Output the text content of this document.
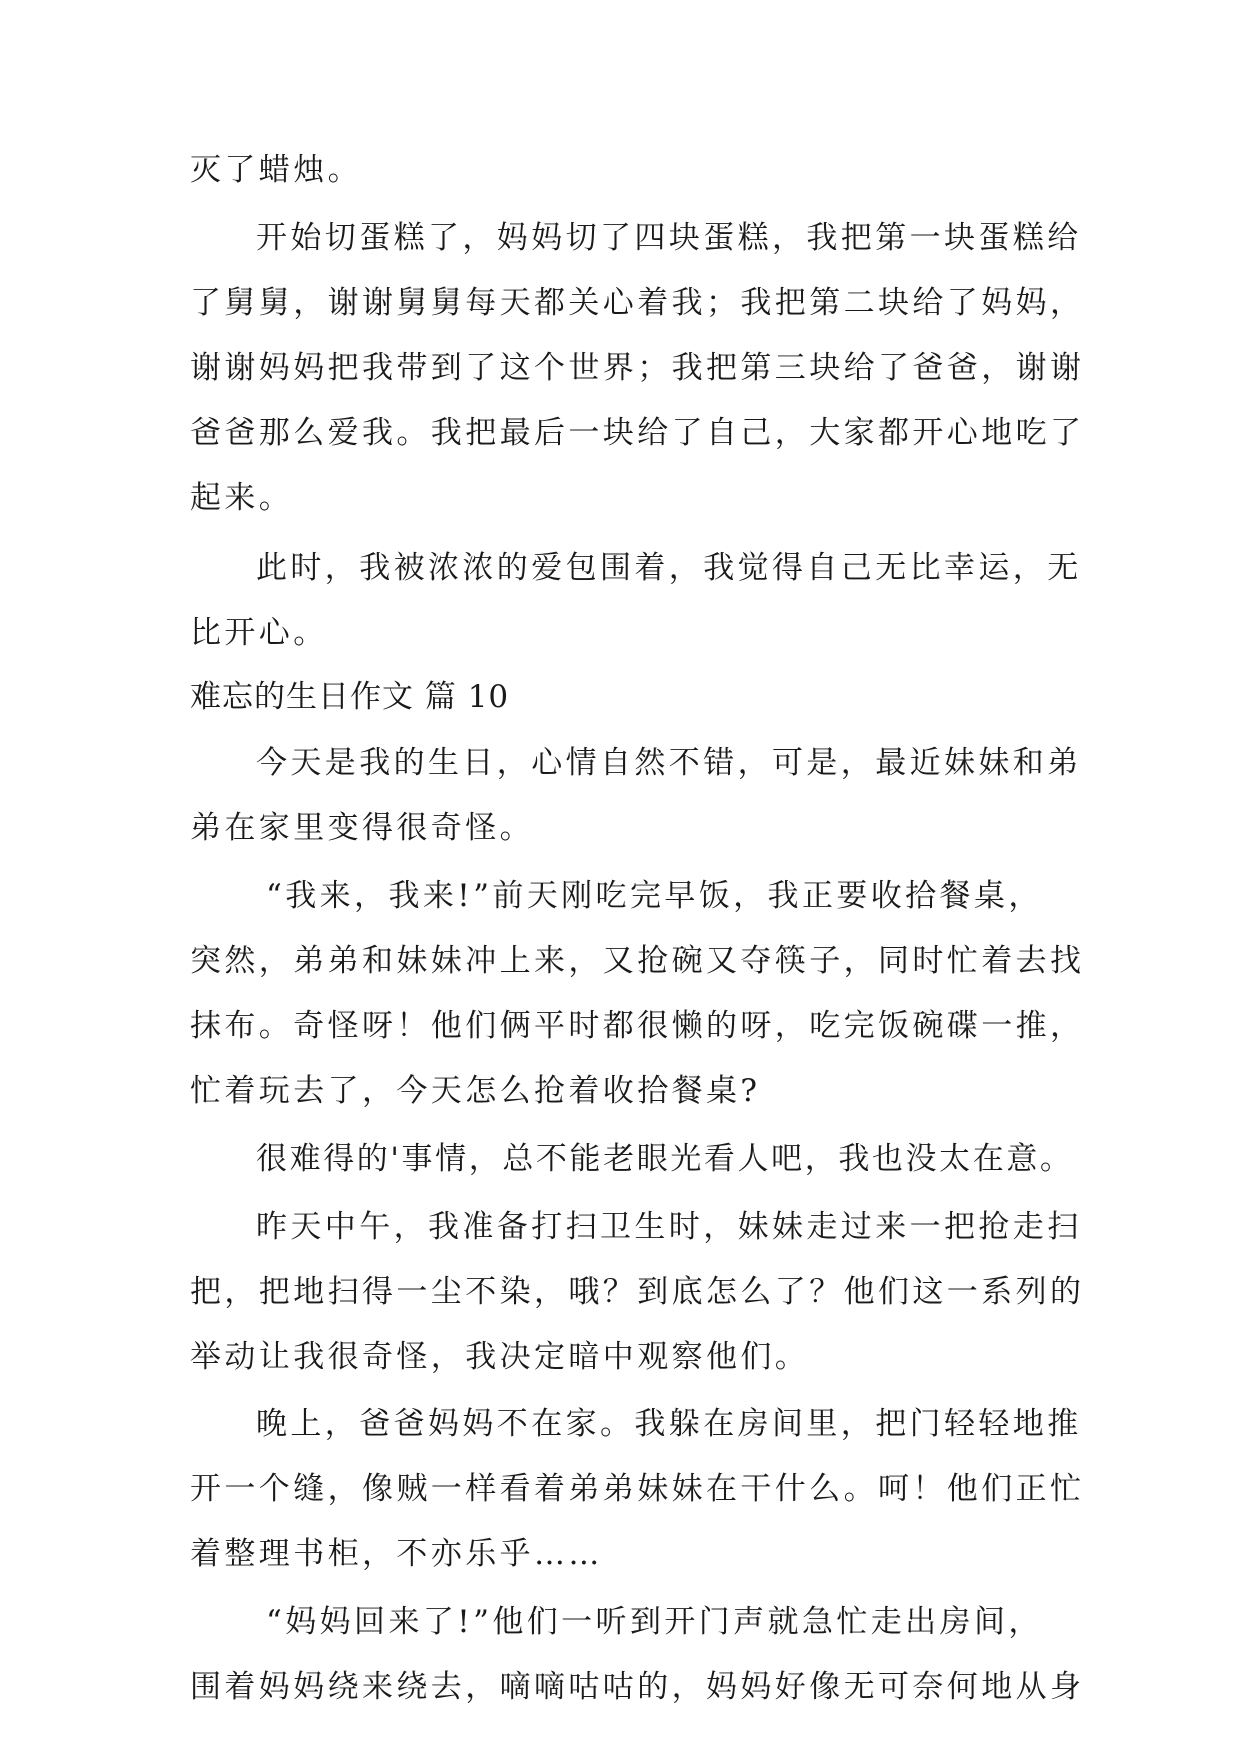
灭了蜡烛。
开始切蛋糕了，妈妈切了四块蛋糕，我把第一块蛋糕给
了舅舅，谢谢舅舅每天都关心着我；我把第二块给了妈妈，
谢谢妈妈把我带到了这个世界；我把第三块给了爸爸，谢谢
爸爸那么爱我。我把最后一块给了自己，大家都开心地吃了
起来。
此时，我被浓浓的爱包围着，我觉得自己无比幸运，无
比开心。
难忘的生日作文 篇 10
今天是我的生日，心情自然不错，可是，最近妹妹和弟
弟在家里变得很奇怪。
“我来，我来!”前天刚吃完早饭，我正要收拾餐桌，
突然，弟弟和妹妹冲上来，又抢碗又夺筷子，同时忙着去找
抹布。奇怪呀！他们俩平时都很懒的呀，吃完饭碗碟一推，
忙着玩去了，今天怎么抢着收拾餐桌?
很难得的'事情，总不能老眼光看人吧，我也没太在意。
昨天中午，我准备打扫卫生时，妹妹走过来一把抢走扫
把，把地扫得一尘不染，哦？到底怎么了？他们这一系列的
举动让我很奇怪，我决定暗中观察他们。
晚上，爸爸妈妈不在家。我躲在房间里，把门轻轻地推
开一个缝，像贼一样看着弟弟妹妹在干什么。呵！他们正忙
着整理书柜，不亦乐乎……
“妈妈回来了!”他们一听到开门声就急忙走出房间，
围着妈妈绕来绕去，嘀嘀咕咕的，妈妈好像无可奈何地从身
